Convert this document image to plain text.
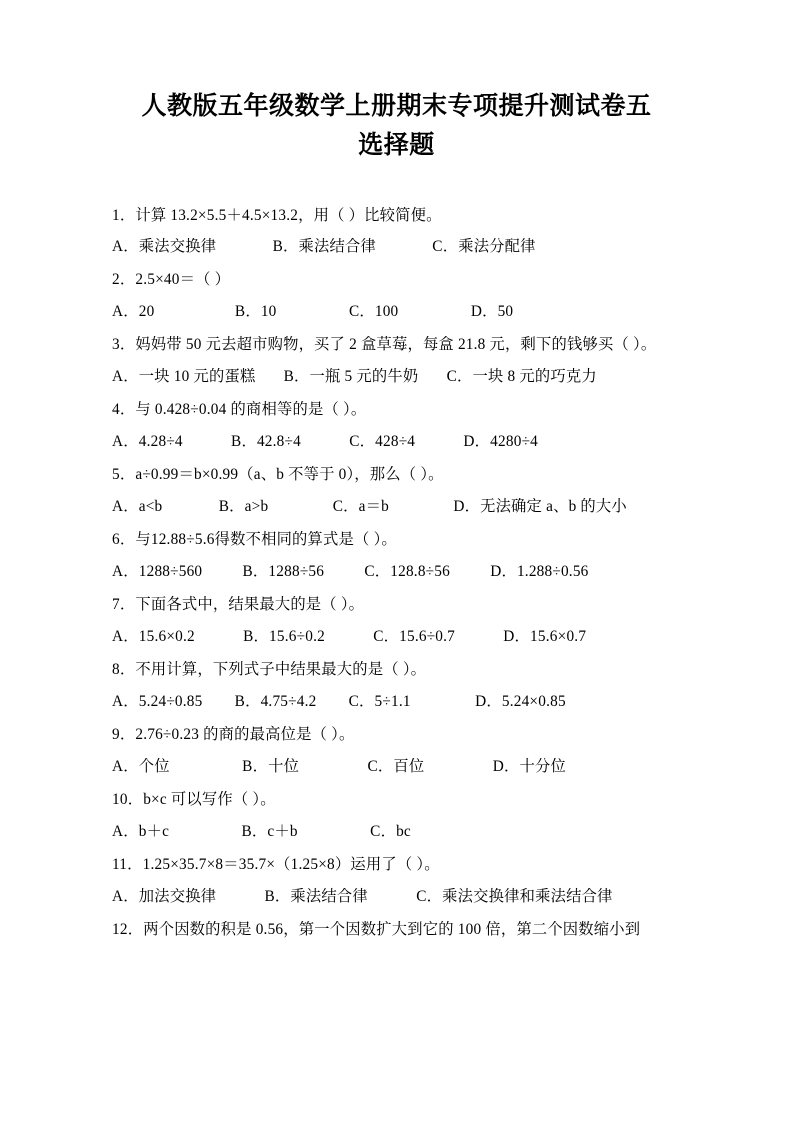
人教版五年级数学上册期末专项提升测试卷五
选择题
1．计算 13.2×5.5＋4.5×13.2，用（ ）比较简便。
A．乘法交换律              B．乘法结合律              C．乘法分配律
2．2.5×40＝（ ）
A．20                    B．10                  C．100                  D．50
3．妈妈带 50 元去超市购物，买了 2 盒草莓，每盒 21.8 元，剩下的钱够买（ ）。
A．一块 10 元的蛋糕       B．一瓶 5 元的牛奶       C．一块 8 元的巧克力
4．与 0.428÷0.04 的商相等的是（ ）。
A．4.28÷4            B．42.8÷4            C．428÷4            D．4280÷4
5．a÷0.99＝b×0.99（a、b 不等于 0），那么（ ）。
A．a<b              B．a>b                C．a＝b                D．无法确定 a、b 的大小
6．与12.88÷5.6得数不相同的算式是（ ）。
A．1288÷560          B．1288÷56          C．128.8÷56          D．1.288÷0.56
7．下面各式中，结果最大的是（ ）。
A．15.6×0.2            B．15.6÷0.2            C．15.6÷0.7            D．15.6×0.7
8．不用计算，下列式子中结果最大的是（ ）。
A．5.24÷0.85        B．4.75÷4.2        C．5÷1.1                D．5.24×0.85
9．2.76÷0.23 的商的最高位是（ ）。
A．个位                  B．十位                 C．百位                 D．十分位
10．b×c 可以写作（ ）。
A．b＋c                  B．c＋b                  C．bc
11．1.25×35.7×8＝35.7×（1.25×8）运用了（ ）。
A．加法交换律            B．乘法结合律            C．乘法交换律和乘法结合律
12．两个因数的积是 0.56，第一个因数扩大到它的 100 倍，第二个因数缩小到
